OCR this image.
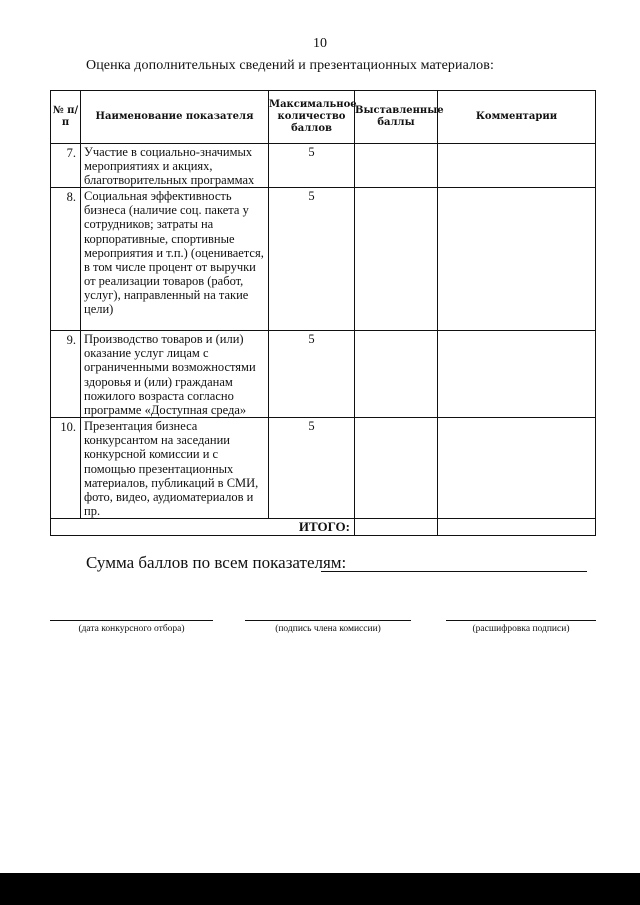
10
Оценка дополнительных сведений и презентационных материалов:
№ п/п	Наименование показателя	Максимальное количество баллов	Выставленные баллы	Комментарии
7.	Участие в социально-значимых мероприятиях и акциях, благотворительных программах	5		
8.	Социальная эффективность бизнеса (наличие соц. пакета у сотрудников; затраты на корпоративные, спортивные мероприятия и т.п.) (оценивается, в том числе процент от выручки от реализации товаров (работ, услуг), направленный на такие цели)	5		
9.	Производство товаров и (или) оказание услуг лицам с ограниченными возможностями здоровья и (или) гражданам пожилого возраста согласно программе «Доступная среда»	5		
10.	Презентация бизнеса конкурсантом на заседании конкурсной комиссии и с помощью презентационных материалов, публикаций в СМИ, фото, видео, аудиоматериалов и пр.	5		
ИТОГО:				
Сумма баллов по всем показателям:
(дата конкурсного отбора)	(подпись члена комиссии)	(расшифровка подписи)
